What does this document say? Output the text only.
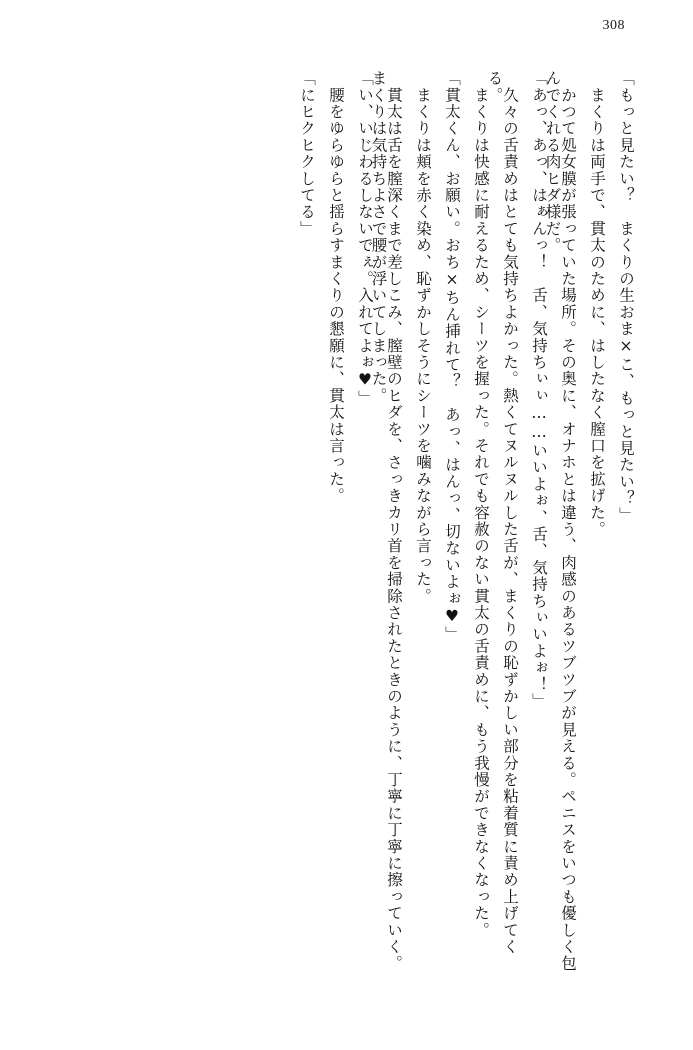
308
「もっと見たい？　まくりの生おま×こ、もっと見たい？」
　まくりは両手で、貫太のために、はしたなく膣口を拡げた。
　かつて処女膜が張っていた場所。その奥に、オナホとは違う、肉感のあるツブツブが見える。ペニスをいつも優しく包んでくれる肉ヒダ様だ。
「あっ、あっ、はぁんっ！　舌、気持ちぃぃ……いいよぉ、舌、気持ちぃいよぉ！」
　久々の舌責めはとても気持ちよかった。熱くてヌルヌルした舌が、まくりの恥ずかしい部分を粘着質に責め上げてくる。
　まくりは快感に耐えるため、シーツを握った。それでも容赦のない貫太の舌責めに、もう我慢ができなくなった。
「貫太くん、お願い。おち×ちん挿れて？　あっ、はんっ、切ないよぉ♥」
　まくりは頬を赤く染め、恥ずかしそうにシーツを噛みながら言った。
　貫太は舌を膣深くまで差しこみ、膣壁のヒダを、さっきカリ首を掃除されたときのように、丁寧に丁寧に擦っていく。まくりは気持ちよさで腰が浮いてしまった。
「い、いじわるしないでぇ。入れてよぉ♥」
　腰をゆらゆらと揺らすまくりの懇願に、貫太は言った。
「にヒクヒクしてる」
